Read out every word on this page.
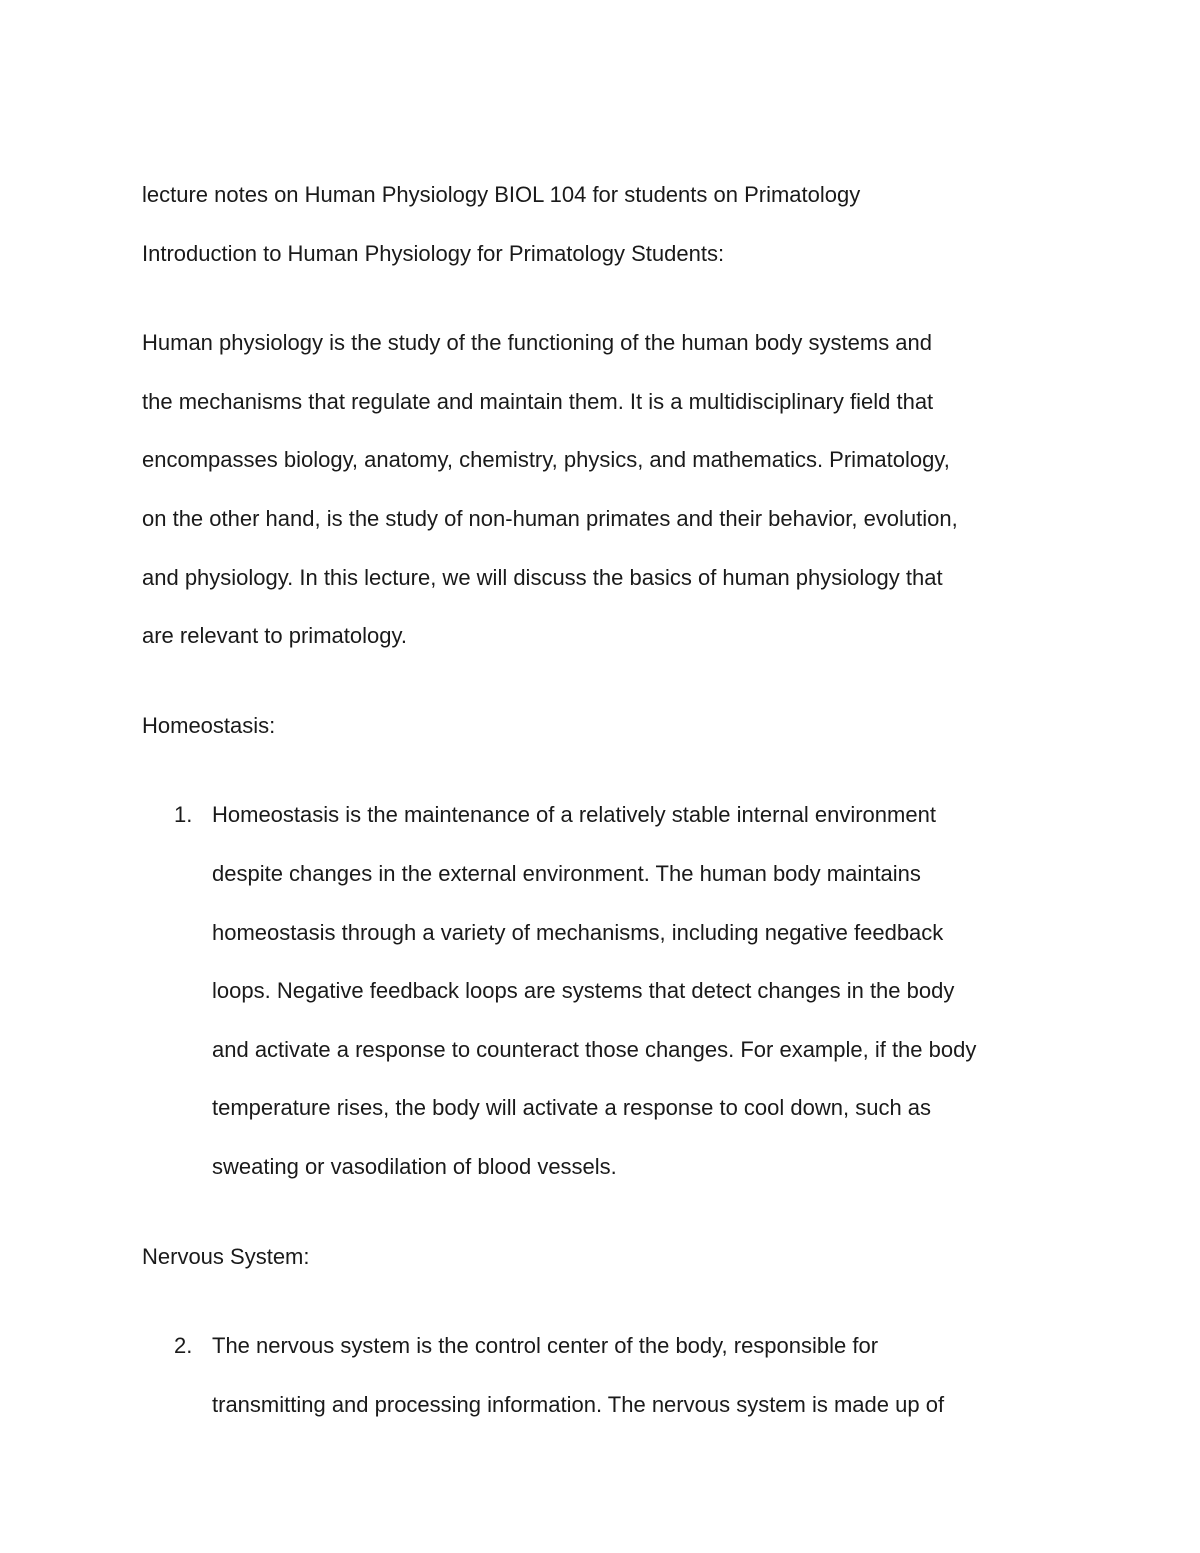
lecture notes on Human Physiology BIOL 104 for students on Primatology
Introduction to Human Physiology for Primatology Students:
Human physiology is the study of the functioning of the human body systems and
the mechanisms that regulate and maintain them. It is a multidisciplinary field that
encompasses biology, anatomy, chemistry, physics, and mathematics. Primatology,
on the other hand, is the study of non-human primates and their behavior, evolution,
and physiology. In this lecture, we will discuss the basics of human physiology that
are relevant to primatology.
Homeostasis:
1. Homeostasis is the maintenance of a relatively stable internal environment
despite changes in the external environment. The human body maintains
homeostasis through a variety of mechanisms, including negative feedback
loops. Negative feedback loops are systems that detect changes in the body
and activate a response to counteract those changes. For example, if the body
temperature rises, the body will activate a response to cool down, such as
sweating or vasodilation of blood vessels.
Nervous System:
2. The nervous system is the control center of the body, responsible for
transmitting and processing information. The nervous system is made up of
